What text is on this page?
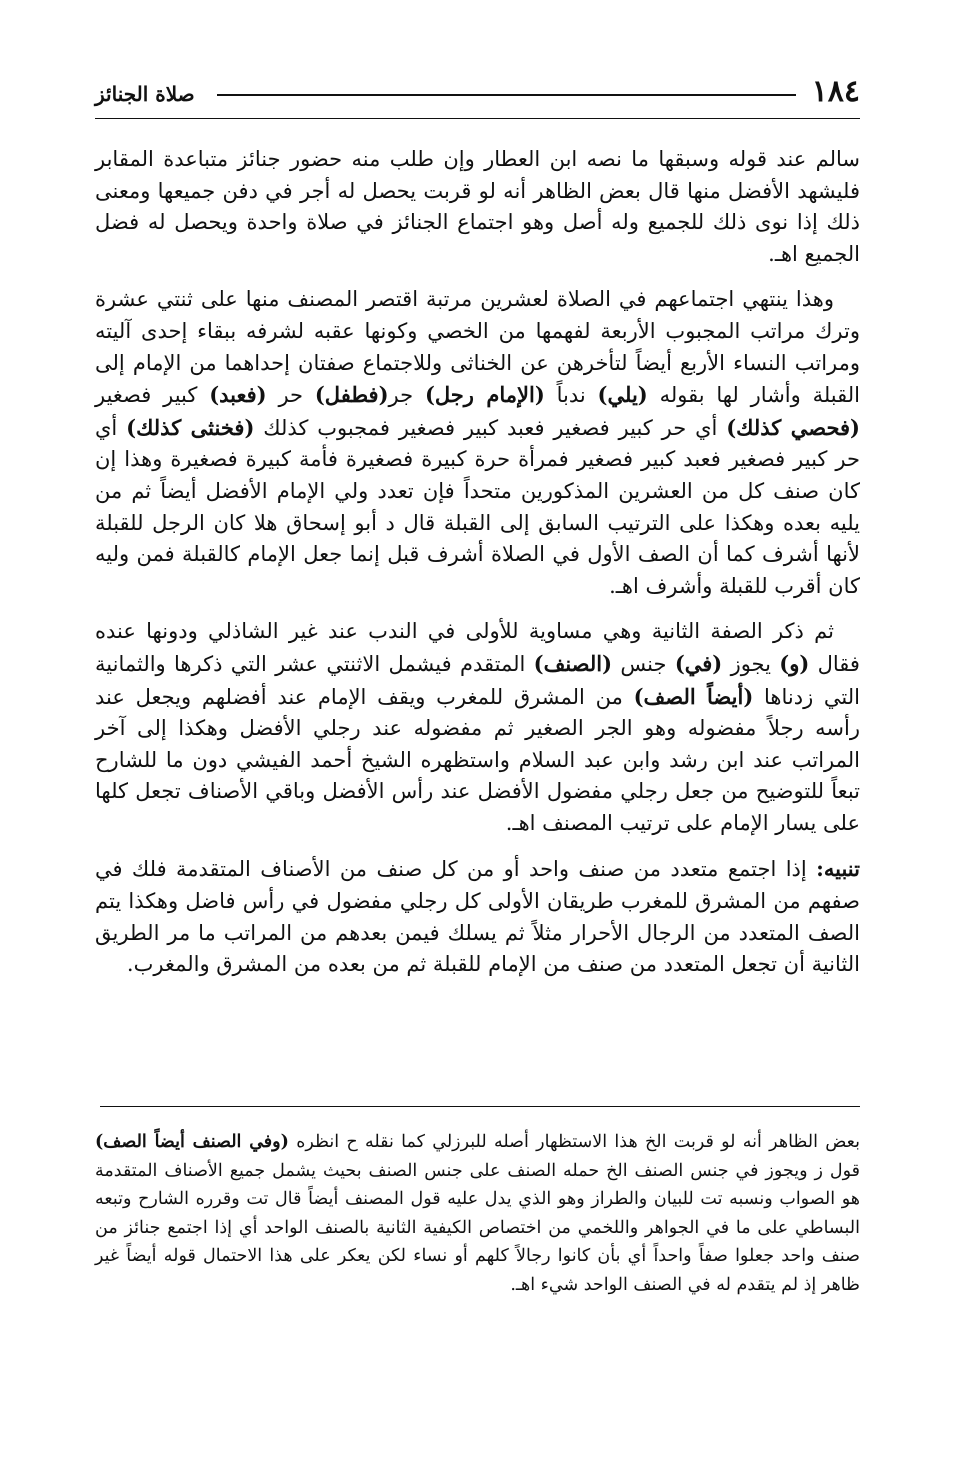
١٨٤
صلاة الجنائز

سالم عند قوله وسبقها ما نصه ابن العطار وإن طلب منه حضور جنائز متباعدة المقابر فليشهد الأفضل منها قال بعض الظاهر أنه لو قربت يحصل له أجر في دفن جميعها ومعنى ذلك إذا نوى ذلك للجميع وله أصل وهو اجتماع الجنائز في صلاة واحدة ويحصل له فضل الجميع اهـ.

وهذا ينتهي اجتماعهم في الصلاة لعشرين مرتبة اقتصر المصنف منها على ثنتي عشرة وترك مراتب المجبوب الأربعة لفهمها من الخصي وكونها عقبه لشرفه ببقاء إحدى آليته ومراتب النساء الأربع أيضاً لتأخرهن عن الخناثى وللاجتماع صفتان إحداهما من الإمام إلى القبلة وأشار لها بقوله (يلي) ندباً (الإمام رجل) جر(فطفل) حر (فعبد) كبير فصغير (فحصي كذلك) أي حر كبير فصغير فعبد كبير فصغير فمجبوب كذلك (فخنثى كذلك) أي حر كبير فصغير فعبد كبير فصغير فمرأة حرة كبيرة فصغيرة فأمة كبيرة فصغيرة وهذا إن كان صنف كل من العشرين المذكورين متحداً فإن تعدد ولي الإمام الأفضل أيضاً ثم من يليه بعده وهكذا على الترتيب السابق إلى القبلة قال د أبو إسحاق هلا كان الرجل للقبلة لأنها أشرف كما أن الصف الأول في الصلاة أشرف قبل إنما جعل الإمام كالقبلة فمن وليه كان أقرب للقبلة وأشرف اهـ.

ثم ذكر الصفة الثانية وهي مساوية للأولى في الندب عند غير الشاذلي ودونها عنده فقال (و) يجوز (في) جنس (الصنف) المتقدم فيشمل الاثنتي عشر التي ذكرها والثمانية التي زدناها (أيضاً الصف) من المشرق للمغرب ويقف الإمام عند أفضلهم ويجعل عند رأسه رجلاً مفضوله وهو الجر الصغير ثم مفضوله عند رجلي الأفضل وهكذا إلى آخر المراتب عند ابن رشد وابن عبد السلام واستظهره الشيخ أحمد الفيشي دون ما للشارح تبعاً للتوضيح من جعل رجلي مفضول الأفضل عند رأس الأفضل وباقي الأصناف تجعل كلها على يسار الإمام على ترتيب المصنف اهـ.

تنبيه: إذا اجتمع متعدد من صنف واحد أو من كل صنف من الأصناف المتقدمة فلك في صفهم من المشرق للمغرب طريقان الأولى كل رجلي مفضول في رأس فاضل وهكذا يتم الصف المتعدد من الرجال الأحرار مثلاً ثم يسلك فيمن بعدهم من المراتب ما مر الطريق الثانية أن تجعل المتعدد من صنف من الإمام للقبلة ثم من بعده من المشرق والمغرب.

بعض الظاهر أنه لو قربت الخ هذا الاستظهار أصله للبرزلي كما نقله ح انظره (وفي الصنف أيضاً الصف) قول ز ويجوز في جنس الصنف الخ حمله الصنف على جنس الصنف بحيث يشمل جميع الأصناف المتقدمة هو الصواب ونسبه تت للبيان والطراز وهو الذي يدل عليه قول المصنف أيضاً قال تت وقرره الشارح وتبعه البساطي على ما في الجواهر واللخمي من اختصاص الكيفية الثانية بالصنف الواحد أي إذا اجتمع جنائز من صنف واحد جعلوا صفاً واحداً أي بأن كانوا رجالاً كلهم أو نساء لكن يعكر على هذا الاحتمال قوله أيضاً غير ظاهر إذ لم يتقدم له في الصنف الواحد شيء اهـ.
